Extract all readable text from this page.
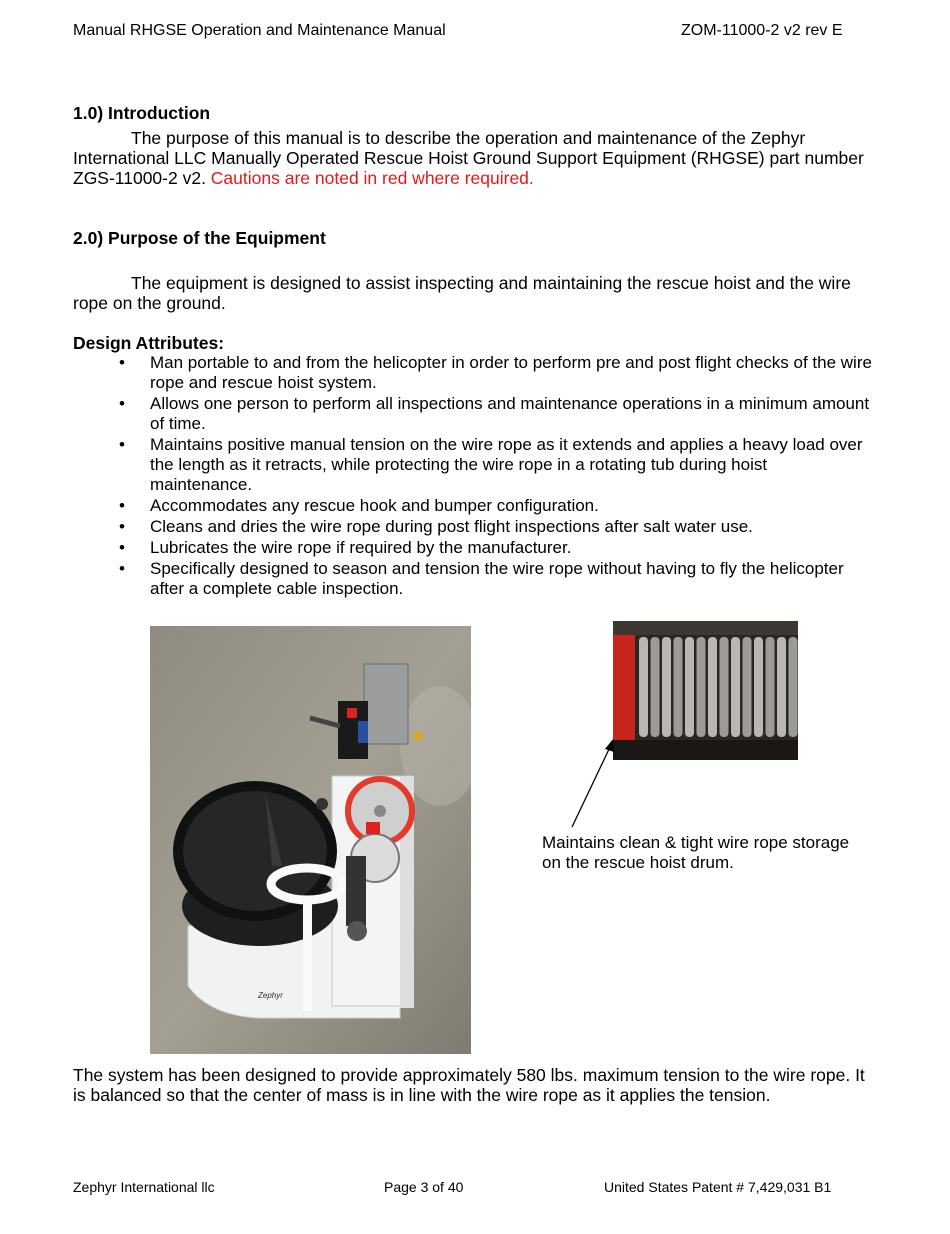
Manual RHGSE Operation and Maintenance Manual	ZOM-11000-2 v2 rev E
1.0) Introduction
The purpose of this manual is to describe the operation and maintenance of the Zephyr International LLC Manually Operated Rescue Hoist Ground Support Equipment (RHGSE) part number ZGS-11000-2 v2. Cautions are noted in red where required.
2.0) Purpose of the Equipment
The equipment is designed to assist inspecting and maintaining the rescue hoist and the wire rope on the ground.
Design Attributes:
• Man portable to and from the helicopter in order to perform pre and post flight checks of the wire rope and rescue hoist system.
• Allows one person to perform all inspections and maintenance operations in a minimum amount of time.
• Maintains positive manual tension on the wire rope as it extends and applies a heavy load over the length as it retracts, while protecting the wire rope in a rotating tub during hoist maintenance.
• Accommodates any rescue hook and bumper configuration.
• Cleans and dries the wire rope during post flight inspections after salt water use.
• Lubricates the wire rope if required by the manufacturer.
• Specifically designed to season and tension the wire rope without having to fly the helicopter after a complete cable inspection.
Zephyr
Maintains clean & tight wire rope storage on the rescue hoist drum.
The system has been designed to provide approximately 580 lbs. maximum tension to the wire rope. It is balanced so that the center of mass is in line with the wire rope as it applies the tension.
Zephyr International llc	Page 3 of 40	United States Patent # 7,429,031 B1
